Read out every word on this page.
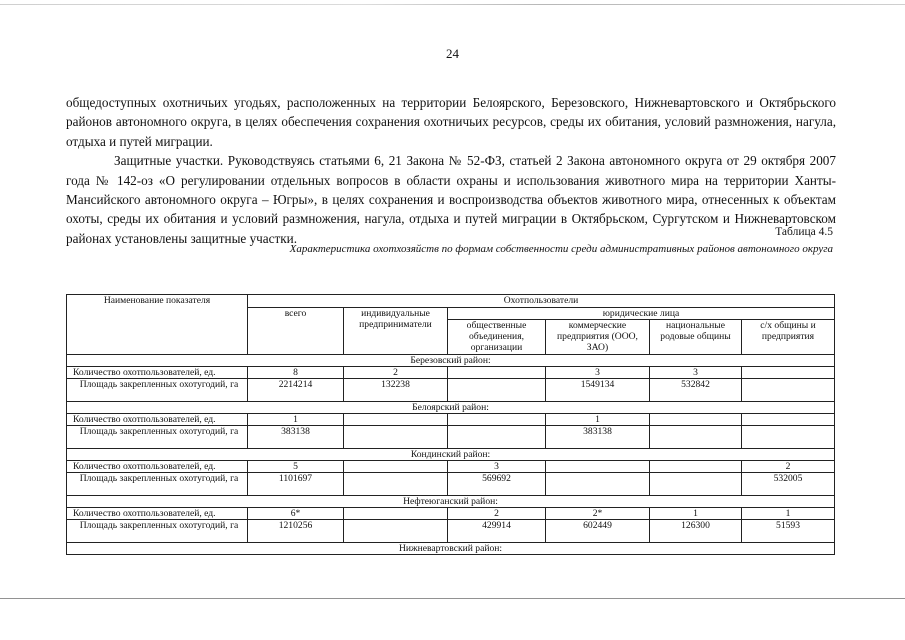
24

общедоступных охотничьих угодьях, расположенных на территории Белоярского, Березовского, Нижневартовского и Октябрьского районов автономного округа, в целях обеспечения сохранения охотничьих ресурсов, среды их обитания, условий размножения, нагула, отдыха и путей миграции.

Защитные участки. Руководствуясь статьями 6, 21 Закона № 52-ФЗ, статьей 2 Закона автономного округа от 29 октября 2007 года № 142-оз «О регулировании отдельных вопросов в области охраны и использования животного мира на территории Ханты-Мансийского автономного округа – Югры», в целях сохранения и воспроизводства объектов животного мира, отнесенных к объектам охоты, среды их обитания и условий размножения, нагула, отдыха и путей миграции в Октябрьском, Сургутском и Нижневартовском районах установлены защитные участки.	Таблица 4.5
Характеристика охотхозяйств по формам собственности среди административных районов автономного округа
Наименование показателя	Охотпользователи					
	всего	индивидуальные предприниматели	юридические лица			
			общественные объединения, организации	коммерческие предприятия (ООО, ЗАО)	национальные родовые общины	с/х общины и предприятия
Березовский район:						
Количество охотпользователей, ед.	8	2		3	3	
Площадь закрепленных охотугодий, га	2214214	132238		1549134	532842	
Белоярский район:						
Количество охотпользователей, ед.	1			1		
Площадь закрепленных охотугодий, га	383138			383138		
Кондинский район:						
Количество охотпользователей, ед.	5		3			2
Площадь закрепленных охотугодий, га	1101697		569692			532005
Нефтеюганский район:						
Количество охотпользователей, ед.	6*		2	2*	1	1
Площадь закрепленных охотугодий, га	1210256		429914	602449	126300	51593
Нижневартовский район:						
